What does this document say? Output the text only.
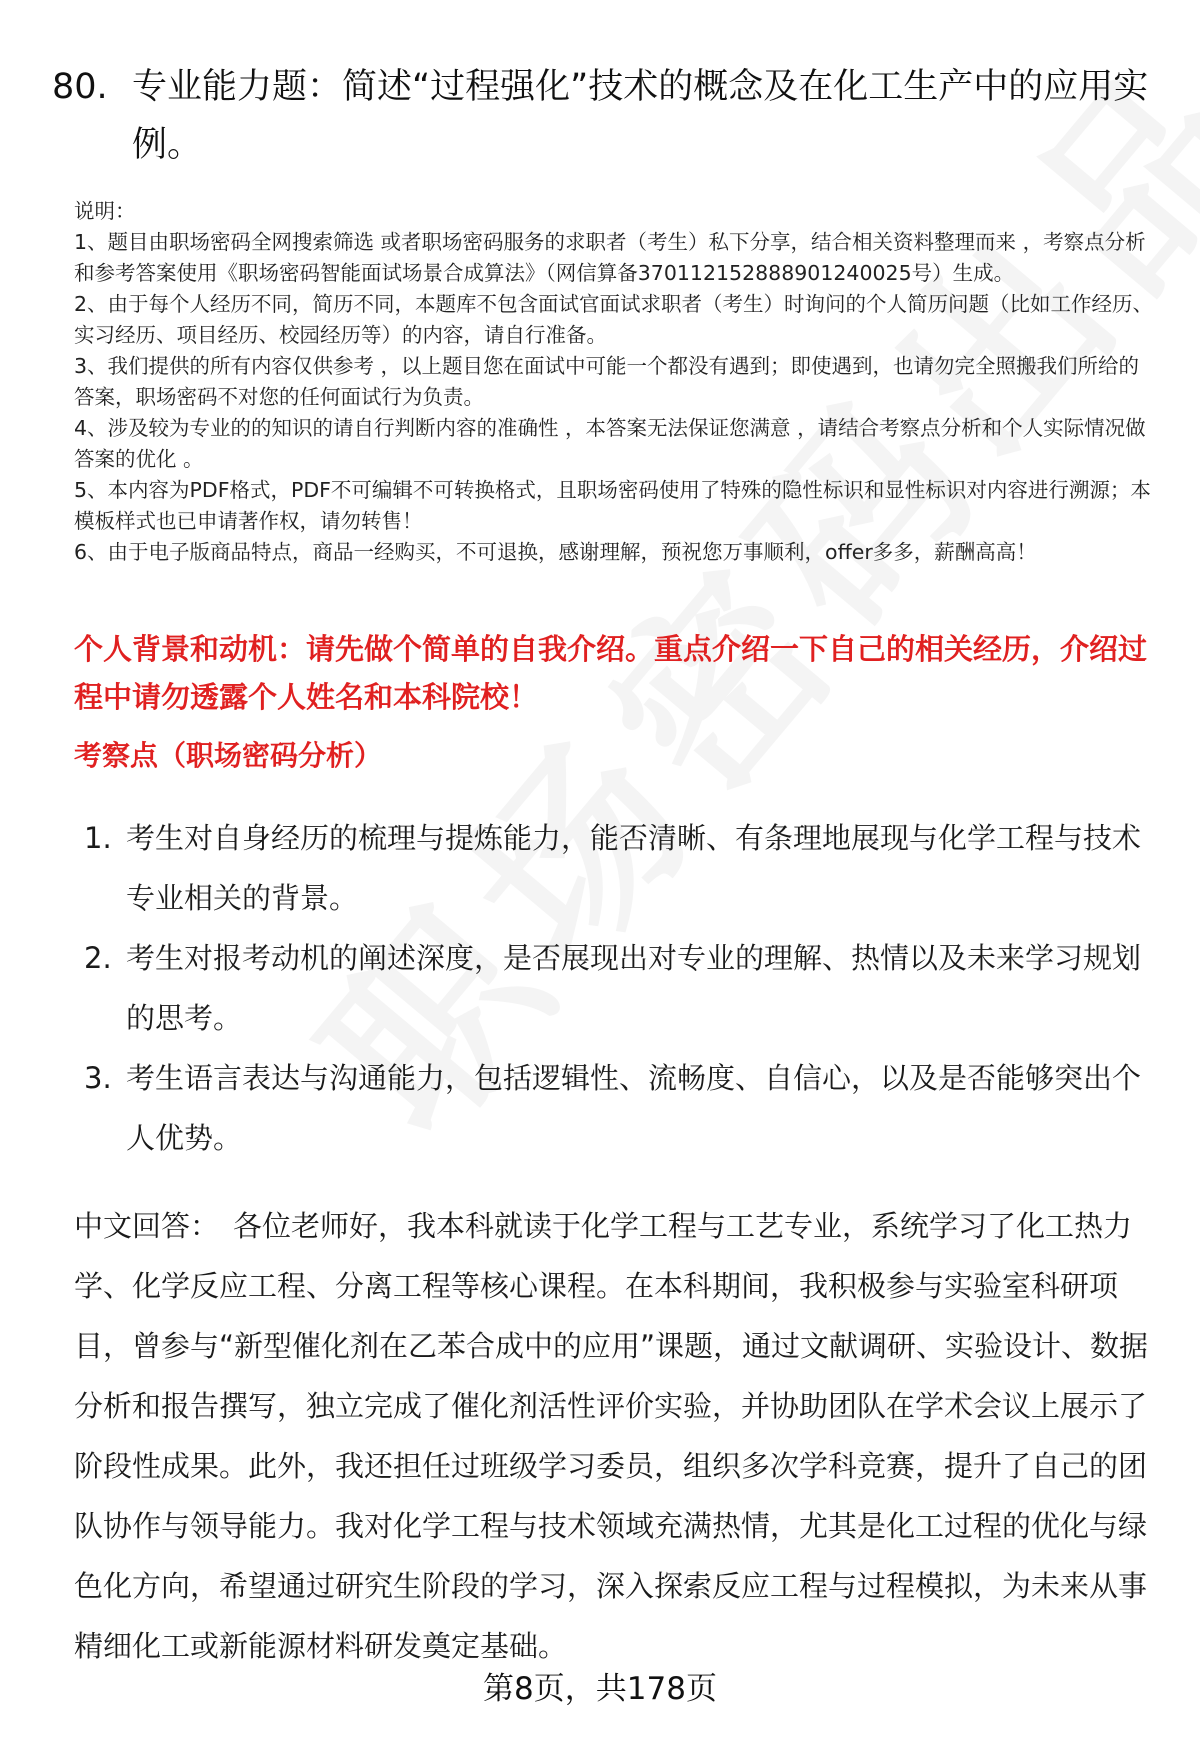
80. 专业能力题：简述“过程强化”技术的概念及在化工生产中的应用实例。

说明：

1、题目由职场密码全网搜索筛选 或者职场密码服务的求职者（考生）私下分享，结合相关资料整理而来 ，考察点分析和参考答案使用《职场密码智能面试场景合成算法》（网信算备370112152888901240025号）生成。

2、由于每个人经历不同，简历不同，本题库不包含面试官面试求职者（考生）时询问的个人简历问题（比如工作经历、实习经历、项目经历、校园经历等）的内容，请自行准备。

3、我们提供的所有内容仅供参考 ，以上题目您在面试中可能一个都没有遇到；即使遇到，也请勿完全照搬我们所给的答案，职场密码不对您的任何面试行为负责。

4、涉及较为专业的的知识的请自行判断内容的准确性 ，本答案无法保证您满意 ，请结合考察点分析和个人实际情况做答案的优化 。

5、本内容为PDF格式，PDF不可编辑不可转换格式，且职场密码使用了特殊的隐性标识和显性标识对内容进行溯源；本模板样式也已申请著作权，请勿转售！

6、由于电子版商品特点，商品一经购买，不可退换，感谢理解，预祝您万事顺利，offer多多，薪酬高高！

个人背景和动机：请先做个简单的自我介绍。重点介绍一下自己的相关经历，介绍过程中请勿透露个人姓名和本科院校！
考察点（职场密码分析）
1. 考生对自身经历的梳理与提炼能力，能否清晰、有条理地展现与化学工程与技术专业相关的背景。
2. 考生对报考动机的阐述深度，是否展现出对专业的理解、热情以及未来学习规划的思考。
3. 考生语言表达与沟通能力，包括逻辑性、流畅度、自信心，以及是否能够突出个人优势。
中文回答： 各位老师好，我本科就读于化学工程与工艺专业，系统学习了化工热力学、化学反应工程、分离工程等核心课程。在本科期间，我积极参与实验室科研项目，曾参与“新型催化剂在乙苯合成中的应用”课题，通过文献调研、实验设计、数据分析和报告撰写，独立完成了催化剂活性评价实验，并协助团队在学术会议上展示了阶段性成果。此外，我还担任过班级学习委员，组织多次学科竞赛，提升了自己的团队协作与领导能力。我对化学工程与技术领域充满热情，尤其是化工过程的优化与绿色化方向，希望通过研究生阶段的学习，深入探索反应工程与过程模拟，为未来从事精细化工或新能源材料研发奠定基础。
第8页，共178页
